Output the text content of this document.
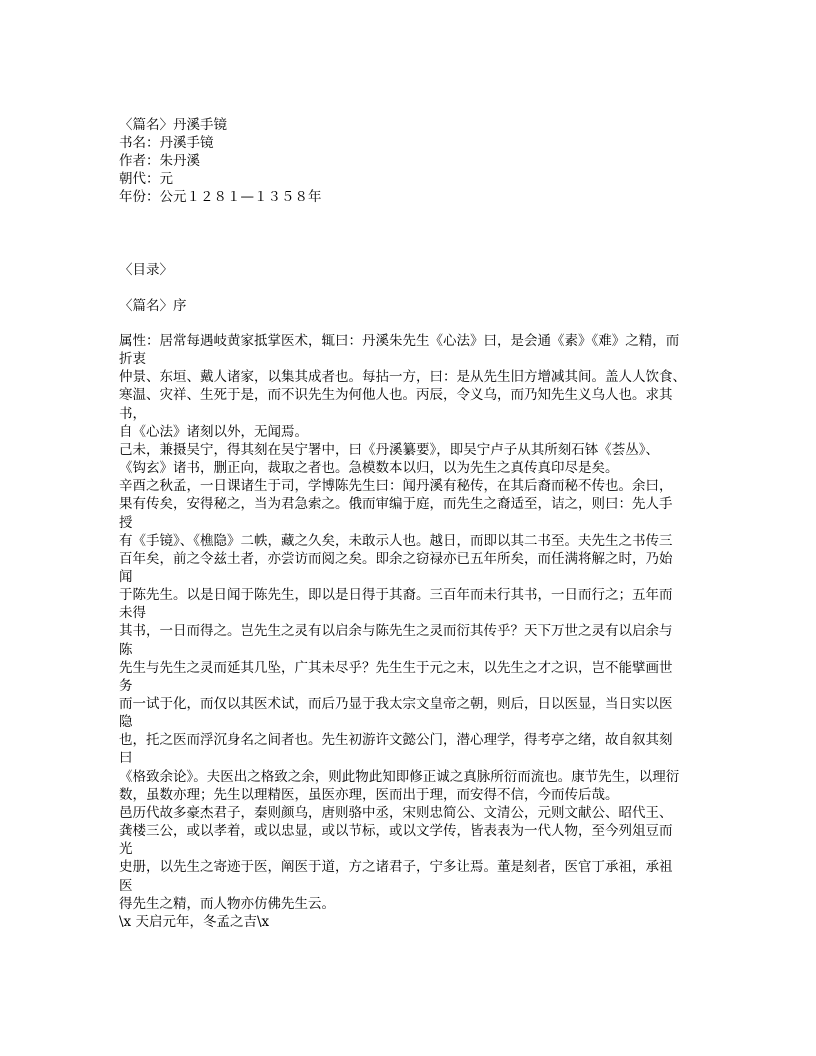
〈篇名〉丹溪手镜
书名：丹溪手镜
作者：朱丹溪
朝代：元
年份：公元１２８１—１３５８年
〈目录〉
〈篇名〉序
属性：居常每遇岐黄家抵掌医术，辄曰：丹溪朱先生《心法》曰，是会通《素》《难》之精，而
折衷
仲景、东垣、戴人诸家，以集其成者也。每拈一方，曰：是从先生旧方增减其间。盖人人饮食、
寒温、灾祥、生死于是，而不识先生为何他人也。丙辰，令义乌，而乃知先生义乌人也。求其
书，
自《心法》诸刻以外，无闻焉。
己未，兼摄吴宁，得其刻在吴宁署中，曰《丹溪纂要》，即吴宁卢子从其所刻石钵《荟丛》、
《钩玄》诸书，删正向，裁取之者也。急模数本以归，以为先生之真传真印尽是矣。
辛酉之秋孟，一日课诸生于司，学博陈先生曰：闻丹溪有秘传，在其后裔而秘不传也。余曰，
果有传矣，安得秘之，当为君急索之。俄而审编于庭，而先生之裔适至，诘之，则曰：先人手
授
有《手镜》、《樵隐》二帙，藏之久矣，未敢示人也。越日，而即以其二书至。夫先生之书传三
百年矣，前之令兹土者，亦尝访而阅之矣。即余之窃禄亦已五年所矣，而任满将解之时，乃始
闻
于陈先生。以是日闻于陈先生，即以是日得于其裔。三百年而未行其书，一日而行之；五年而
未得
其书，一日而得之。岂先生之灵有以启余与陈先生之灵而衍其传乎？天下万世之灵有以启余与
陈
先生与先生之灵而延其几坠，广其未尽乎？先生生于元之末，以先生之才之识，岂不能擘画世
务
而一试于化，而仅以其医术试，而后乃显于我太宗文皇帝之朝，则后，日以医显，当日实以医
隐
也，托之医而浮沉身名之间者也。先生初游许文懿公门，潜心理学，得考亭之绪，故自叙其刻
曰
《格致余论》。夫医出之格致之余，则此物此知即修正诚之真脉所衍而流也。康节先生，以理衍
数，虽数亦理；先生以理精医，虽医亦理，医而出于理，而安得不信，今而传后哉。
邑历代故多豪杰君子，秦则颜乌，唐则骆中丞，宋则忠简公、文清公，元则文献公、昭代王、
龚楼三公，或以孝着，或以忠显，或以节标，或以文学传，皆表表为一代人物，至今列俎豆而
光
史册，以先生之寄迹于医，阐医于道，方之诸君子，宁多让焉。董是刻者，医官丁承祖，承祖
医
得先生之精，而人物亦仿佛先生云。
\x 天启元年，冬孟之吉\x
